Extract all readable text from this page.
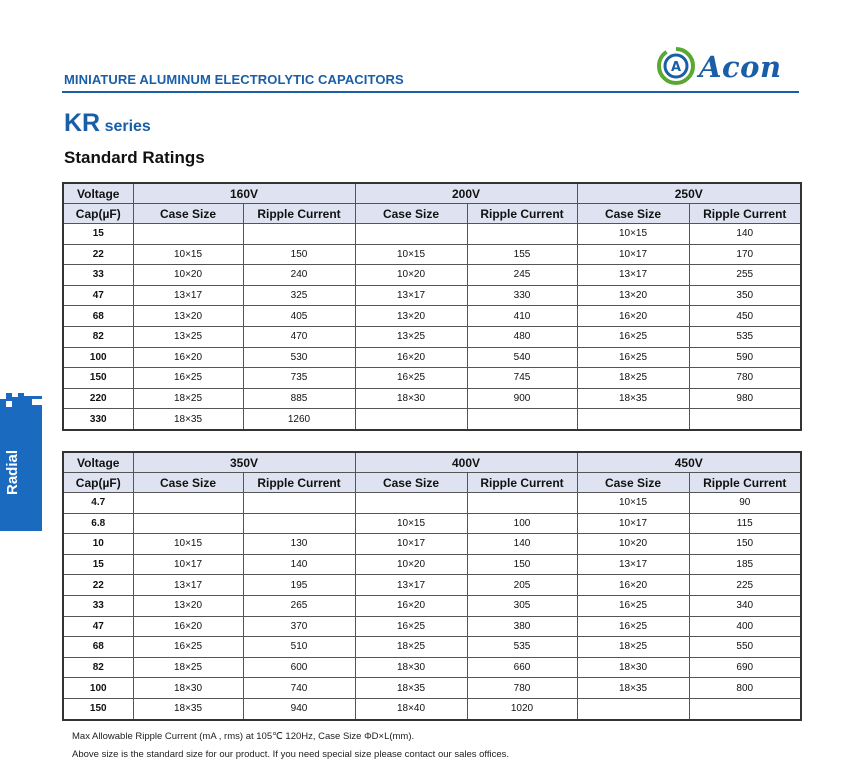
MINIATURE ALUMINUM ELECTROLYTIC CAPACITORS
A Acon
KR series
Standard Ratings
Radial
Voltage	160V		200V		250V	
Cap(µF)	Case Size	Ripple Current	Case Size	Ripple Current	Case Size	Ripple Current
15					10×15	140
22	10×15	150	10×15	155	10×17	170
33	10×20	240	10×20	245	13×17	255
47	13×17	325	13×17	330	13×20	350
68	13×20	405	13×20	410	16×20	450
82	13×25	470	13×25	480	16×25	535
100	16×20	530	16×20	540	16×25	590
150	16×25	735	16×25	745	18×25	780
220	18×25	885	18×30	900	18×35	980
330	18×35	1260				
Voltage	350V		400V		450V	
Cap(µF)	Case Size	Ripple Current	Case Size	Ripple Current	Case Size	Ripple Current
4.7					10×15	90
6.8			10×15	100	10×17	115
10	10×15	130	10×17	140	10×20	150
15	10×17	140	10×20	150	13×17	185
22	13×17	195	13×17	205	16×20	225
33	13×20	265	16×20	305	16×25	340
47	16×20	370	16×25	380	16×25	400
68	16×25	510	18×25	535	18×25	550
82	18×25	600	18×30	660	18×30	690
100	18×30	740	18×35	780	18×35	800
150	18×35	940	18×40	1020		
Max Allowable Ripple Current (mA , rms) at 105℃ 120Hz, Case Size ΦD×L(mm).
Above size is the standard size for our product. If you need special size please contact our sales offices.
